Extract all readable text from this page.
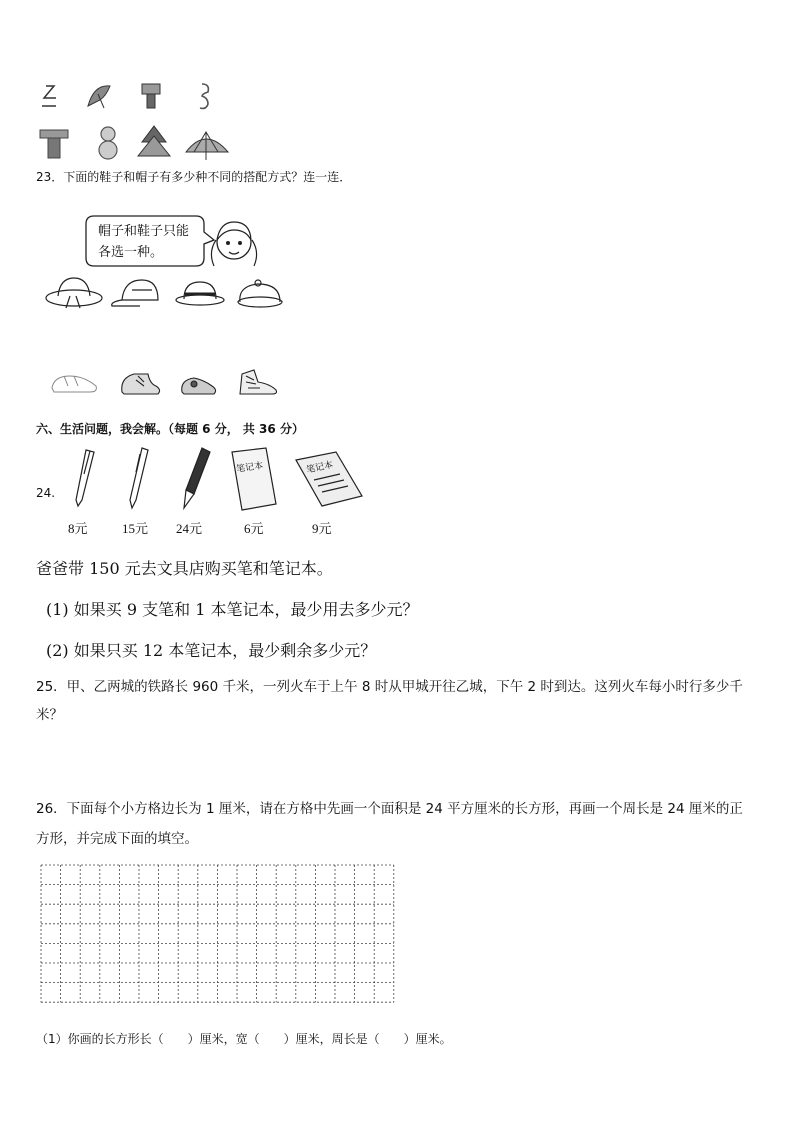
23．下面的鞋子和帽子有多少种不同的搭配方式？连一连．
帽子和鞋子只能
各选一种。
六、生活问题，我会解。（每题 6 分， 共 36 分）
24.
笔记本	笔记本
8元	15元 24元	6元	9元
爸爸带 150 元去文具店购买笔和笔记本。
(1) 如果买 9 支笔和 1 本笔记本，最少用去多少元？
(2) 如果只买 12 本笔记本，最少剩余多少元？
25．甲、乙两城的铁路长 960 千米，一列火车于上午 8 时从甲城开往乙城，下午 2 时到达。这列火车每小时行多少千
米？
26．下面每个小方格边长为 1 厘米，请在方格中先画一个面积是 24 平方厘米的长方形，再画一个周长是 24 厘米的正
方形，并完成下面的填空。
（1）你画的长方形长（　　）厘米，宽（　　）厘米，周长是（　　）厘米。
